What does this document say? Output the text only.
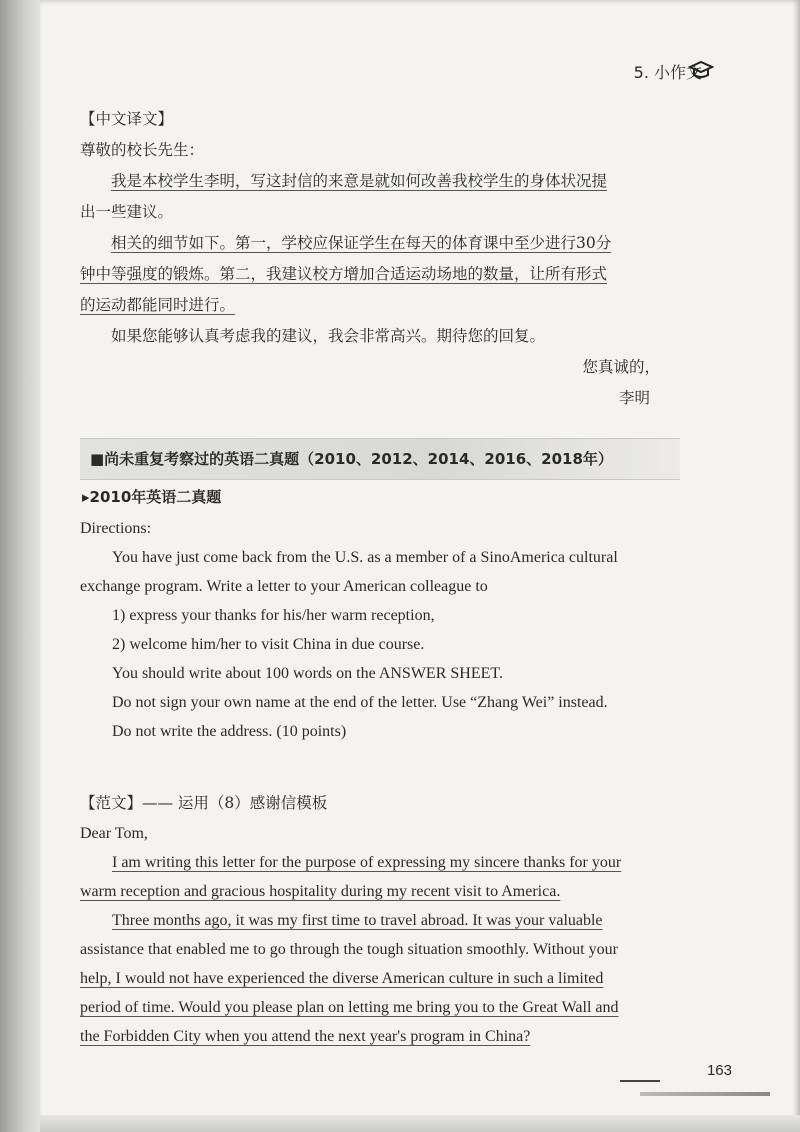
5. 小作文

【中文译文】

尊敬的校长先生：

我是本校学生李明，写这封信的来意是就如何改善我校学生的身体状况提

出一些建议。

相关的细节如下。第一，学校应保证学生在每天的体育课中至少进行30分

钟中等强度的锻炼。第二，我建议校方增加合适运动场地的数量，让所有形式

的运动都能同时进行。

如果您能够认真考虑我的建议，我会非常高兴。期待您的回复。

您真诚的，

李明

■尚未重复考察过的英语二真题（2010、2012、2014、2016、2018年）
▸2010年英语二真题

Directions:

You have just come back from the U.S. as a member of a SinoAmerica cultural

exchange program. Write a letter to your American colleague to

1) express your thanks for his/her warm reception,

2) welcome him/her to visit China in due course.

You should write about 100 words on the ANSWER SHEET.

Do not sign your own name at the end of the letter. Use “Zhang Wei” instead.

Do not write the address. (10 points)

【范文】—— 运用（8）感谢信模板

Dear Tom,

I am writing this letter for the purpose of expressing my sincere thanks for your

warm reception and gracious hospitality during my recent visit to America.

Three months ago, it was my first time to travel abroad. It was your valuable

assistance that enabled me to go through the tough situation smoothly. Without your

help, I would not have experienced the diverse American culture in such a limited

period of time. Would you please plan on letting me bring you to the Great Wall and

the Forbidden City when you attend the next year's program in China?

163
